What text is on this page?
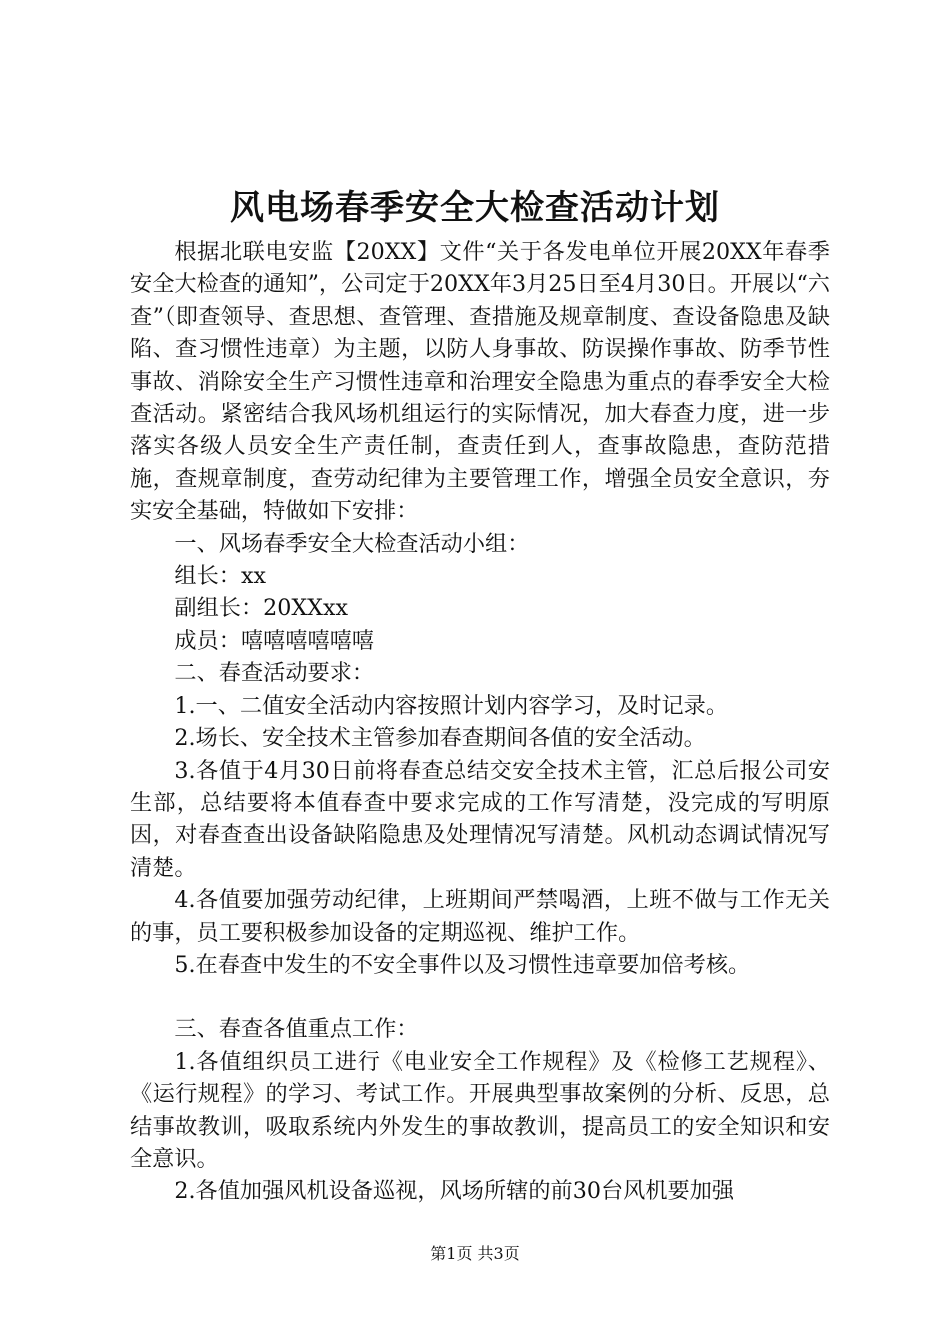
风电场春季安全大检查活动计划

根据北联电安监【20XX】文件“关于各发电单位开展20XX年春季安全大检查的通知”，公司定于20XX年3月25日至4月30日。开展以“六查”（即查领导、查思想、查管理、查措施及规章制度、查设备隐患及缺陷、查习惯性违章）为主题，以防人身事故、防误操作事故、防季节性事故、消除安全生产习惯性违章和治理安全隐患为重点的春季安全大检查活动。紧密结合我风场机组运行的实际情况，加大春查力度，进一步落实各级人员安全生产责任制，查责任到人，查事故隐患，查防范措施，查规章制度，查劳动纪律为主要管理工作，增强全员安全意识，夯实安全基础，特做如下安排：

一、风场春季安全大检查活动小组：

组长：xx

副组长：20XXxx

成员：嘻嘻嘻嘻嘻嘻

二、春查活动要求：

1.一、二值安全活动内容按照计划内容学习，及时记录。

2.场长、安全技术主管参加春查期间各值的安全活动。

3.各值于4月30日前将春查总结交安全技术主管，汇总后报公司安生部，总结要将本值春查中要求完成的工作写清楚，没完成的写明原因，对春查查出设备缺陷隐患及处理情况写清楚。风机动态调试情况写清楚。

4.各值要加强劳动纪律，上班期间严禁喝酒，上班不做与工作无关的事，员工要积极参加设备的定期巡视、维护工作。

5.在春查中发生的不安全事件以及习惯性违章要加倍考核。

三、春查各值重点工作：

1.各值组织员工进行《电业安全工作规程》及《检修工艺规程》、《运行规程》的学习、考试工作。开展典型事故案例的分析、反思，总结事故教训，吸取系统内外发生的事故教训，提高员工的安全知识和安全意识。

2.各值加强风机设备巡视，风场所辖的前30台风机要加强

第1页 共3页
